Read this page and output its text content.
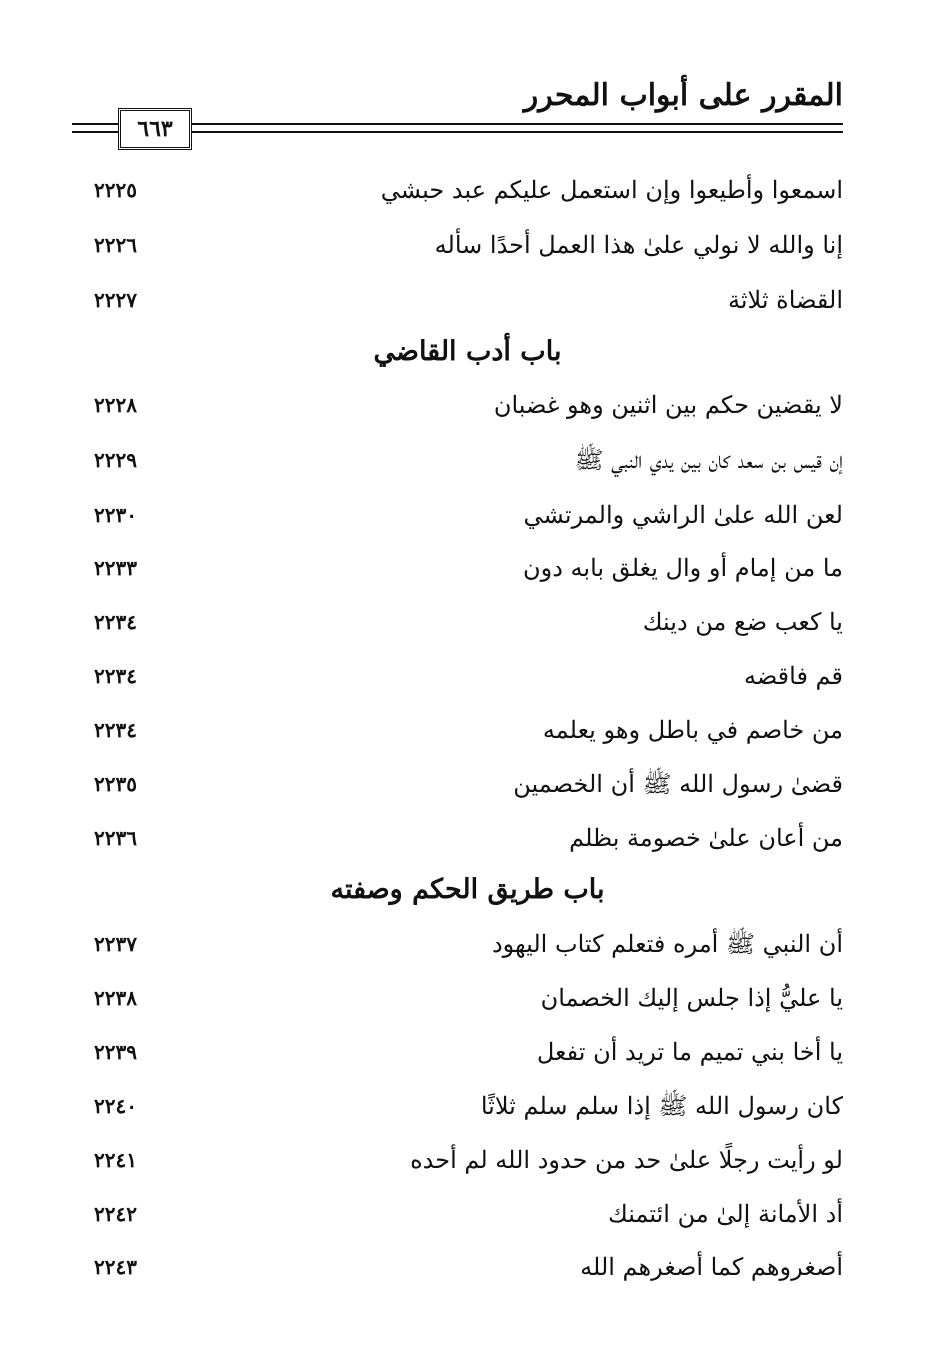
المقرر على أبواب المحرر
٦٦٣
اسمعوا وأطيعوا وإن استعمل عليكم عبد حبشي
٢٢٢٥
إنا والله لا نولي علىٰ هذا العمل أحدًا سأله
٢٢٢٦
القضاة ثلاثة
٢٢٢٧
باب أدب القاضي
لا يقضين حكم بين اثنين وهو غضبان
٢٢٢٨
إن قيس بن سعد كان بين يدي النبي ﷺ
٢٢٢٩
لعن الله علىٰ الراشي والمرتشي
٢٢٣٠
ما من إمام أو وال يغلق بابه دون
٢٢٣٣
يا كعب ضع من دينك
٢٢٣٤
قم فاقضه
٢٢٣٤
من خاصم في باطل وهو يعلمه
٢٢٣٤
قضىٰ رسول الله ﷺ أن الخصمين
٢٢٣٥
من أعان علىٰ خصومة بظلم
٢٢٣٦
باب طريق الحكم وصفته
أن النبي ﷺ أمره فتعلم كتاب اليهود
٢٢٣٧
يا عليُّ إذا جلس إليك الخصمان
٢٢٣٨
يا أخا بني تميم ما تريد أن تفعل
٢٢٣٩
كان رسول الله ﷺ إذا سلم سلم ثلاثًا
٢٢٤٠
لو رأيت رجلًا علىٰ حد من حدود الله لم أحده
٢٢٤١
أد الأمانة إلىٰ من ائتمنك
٢٢٤٢
أصغروهم كما أصغرهم الله
٢٢٤٣
